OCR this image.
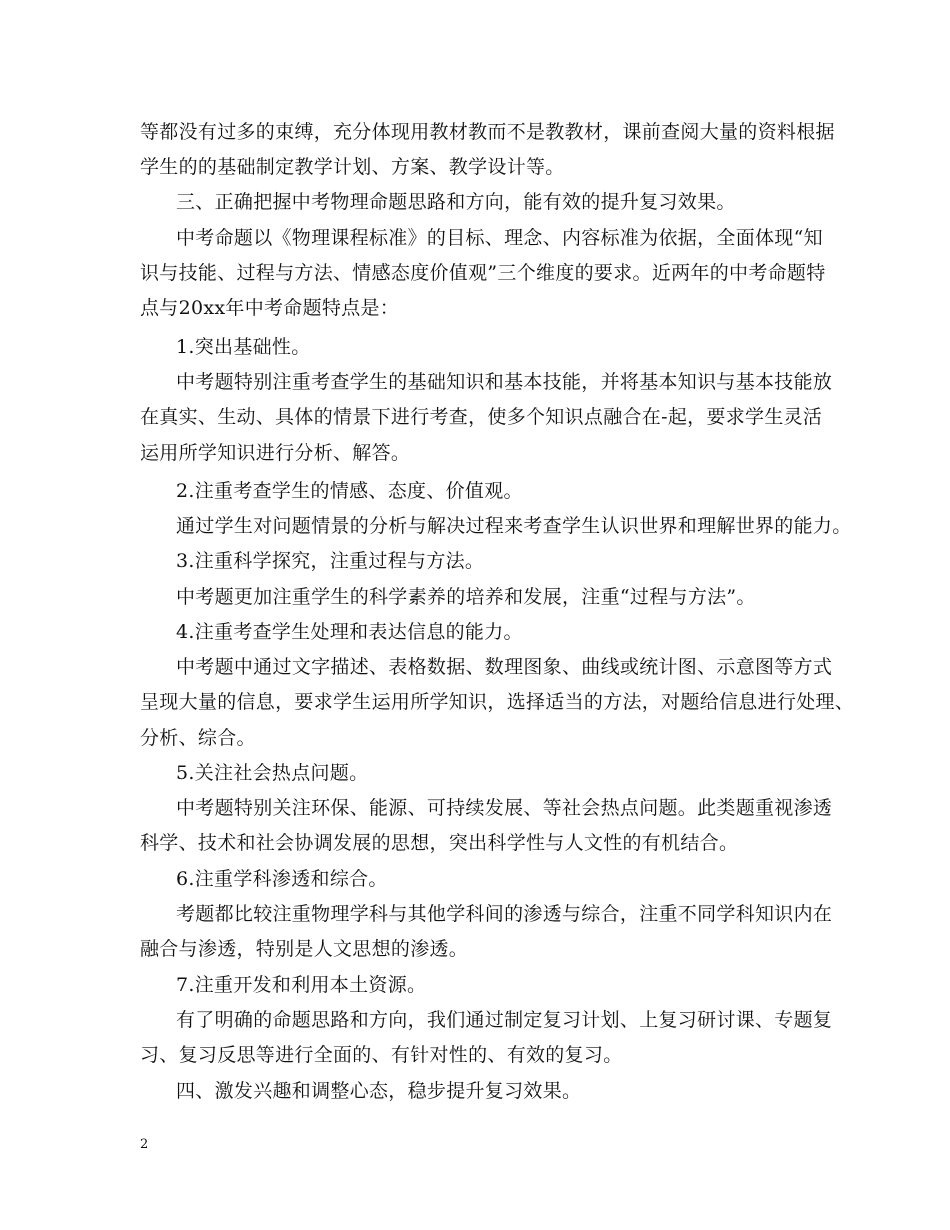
等都没有过多的束缚，充分体现用教材教而不是教教材，课前查阅大量的资料根据
学生的的基础制定教学计划、方案、教学设计等。
三、正确把握中考物理命题思路和方向，能有效的提升复习效果。
中考命题以《物理课程标准》的目标、理念、内容标准为依据，全面体现“知
识与技能、过程与方法、情感态度价值观”三个维度的要求。近两年的中考命题特
点与20xx年中考命题特点是：
1.突出基础性。
中考题特别注重考查学生的基础知识和基本技能，并将基本知识与基本技能放
在真实、生动、具体的情景下进行考查，使多个知识点融合在-起，要求学生灵活
运用所学知识进行分析、解答。
2.注重考查学生的情感、态度、价值观。
通过学生对问题情景的分析与解决过程来考查学生认识世界和理解世界的能力。
3.注重科学探究，注重过程与方法。
中考题更加注重学生的科学素养的培养和发展，注重“过程与方法”。
4.注重考查学生处理和表达信息的能力。
中考题中通过文字描述、表格数据、数理图象、曲线或统计图、示意图等方式
呈现大量的信息，要求学生运用所学知识，选择适当的方法，对题给信息进行处理、
分析、综合。
5.关注社会热点问题。
中考题特别关注环保、能源、可持续发展、等社会热点问题。此类题重视渗透
科学、技术和社会协调发展的思想，突出科学性与人文性的有机结合。
6.注重学科渗透和综合。
考题都比较注重物理学科与其他学科间的渗透与综合，注重不同学科知识内在
融合与渗透，特别是人文思想的渗透。
7.注重开发和利用本土资源。
有了明确的命题思路和方向，我们通过制定复习计划、上复习研讨课、专题复
习、复习反思等进行全面的、有针对性的、有效的复习。
四、激发兴趣和调整心态，稳步提升复习效果。
2
